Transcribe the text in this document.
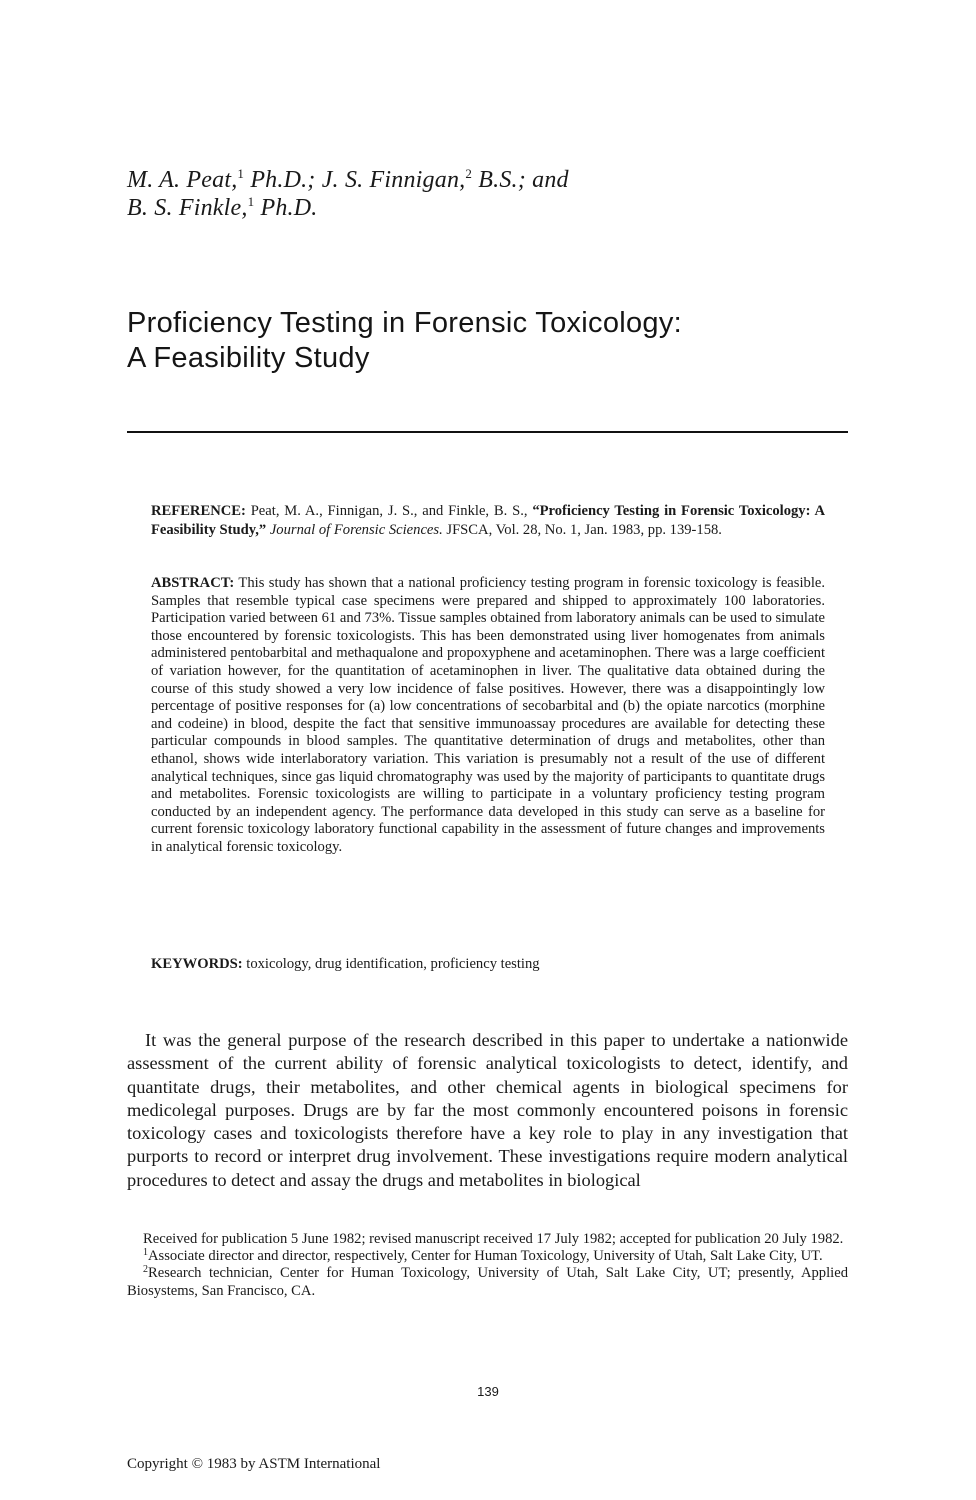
M. A. Peat,$^1$ Ph.D.; J. S. Finnigan,$^2$ B.S.; and
B. S. Finkle,$^1$ Ph.D.
Proficiency Testing in Forensic Toxicology:
A Feasibility Study
REFERENCE: Peat, M. A., Finnigan, J. S., and Finkle, B. S., “Proficiency Testing in Forensic Toxicology: A Feasibility Study,” Journal of Forensic Sciences. JFSCA, Vol. 28, No. 1, Jan. 1983, pp. 139-158.
ABSTRACT: This study has shown that a national proficiency testing program in forensic toxicology is feasible. Samples that resemble typical case specimens were prepared and shipped to approximately 100 laboratories. Participation varied between 61 and 73%. Tissue samples obtained from laboratory animals can be used to simulate those encountered by forensic toxicologists. This has been demonstrated using liver homogenates from animals administered pentobarbital and methaqualone and propoxyphene and acetaminophen. There was a large coefficient of variation however, for the quantitation of acetaminophen in liver. The qualitative data obtained during the course of this study showed a very low incidence of false positives. However, there was a disappointingly low percentage of positive responses for (a) low concentrations of secobarbital and (b) the opiate narcotics (morphine and codeine) in blood, despite the fact that sensitive immunoassay procedures are available for detecting these particular compounds in blood samples. The quantitative determination of drugs and metabolites, other than ethanol, shows wide interlaboratory variation. This variation is presumably not a result of the use of different analytical techniques, since gas liquid chromatography was used by the majority of participants to quantitate drugs and metabolites. Forensic toxicologists are willing to participate in a voluntary proficiency testing program conducted by an independent agency. The performance data developed in this study can serve as a baseline for current forensic toxicology laboratory functional capability in the assessment of future changes and improvements in analytical forensic toxicology.
KEYWORDS: toxicology, drug identification, proficiency testing
It was the general purpose of the research described in this paper to undertake a nationwide assessment of the current ability of forensic analytical toxicologists to detect, identify, and quantitate drugs, their metabolites, and other chemical agents in biological specimens for medicolegal purposes. Drugs are by far the most commonly encountered poisons in forensic toxicology cases and toxicologists therefore have a key role to play in any investigation that purports to record or interpret drug involvement. These investigations require modern analytical procedures to detect and assay the drugs and metabolites in biological

Received for publication 5 June 1982; revised manuscript received 17 July 1982; accepted for publication 20 July 1982.

$^1$Associate director and director, respectively, Center for Human Toxicology, University of Utah, Salt Lake City, UT.

$^2$Research technician, Center for Human Toxicology, University of Utah, Salt Lake City, UT; presently, Applied Biosystems, San Francisco, CA.

139
Copyright © 1983 by ASTM International
